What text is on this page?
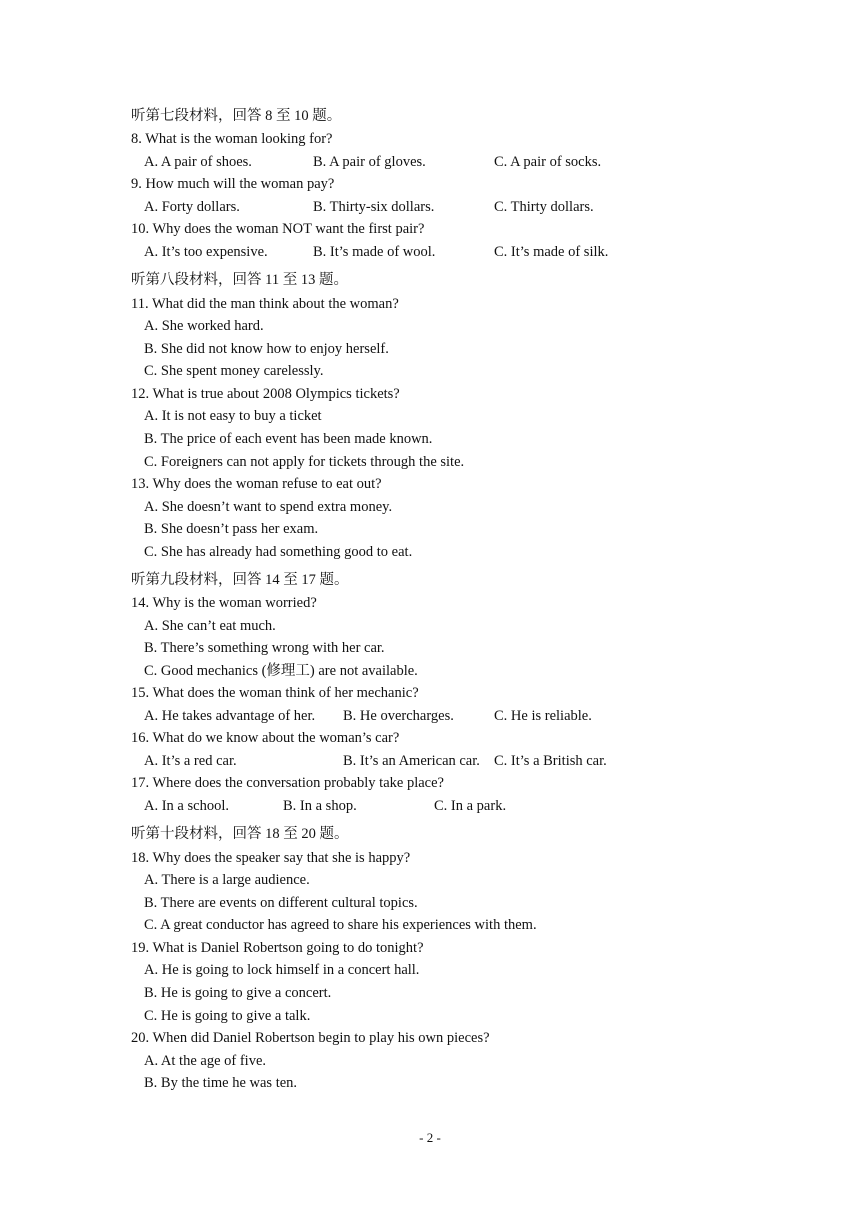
听第七段材料，回答 8 至 10 题。
8. What is the woman looking for?
A. A pair of shoes.	B. A pair of gloves.	C. A pair of socks.
9. How much will the woman pay?
A. Forty dollars.	B. Thirty-six dollars.	C. Thirty dollars.
10. Why does the woman NOT want the first pair?
A. It’s too expensive.	B. It’s made of wool.	C. It’s made of silk.
听第八段材料，回答 11 至 13 题。
11. What did the man think about the woman?
A. She worked hard.
B. She did not know how to enjoy herself.
C. She spent money carelessly.
12. What is true about 2008 Olympics tickets?
A. It is not easy to buy a ticket
B. The price of each event has been made known.
C. Foreigners can not apply for tickets through the site.
13. Why does the woman refuse to eat out?
A. She doesn’t want to spend extra money.
B. She doesn’t pass her exam.
C. She has already had something good to eat.
听第九段材料，回答 14 至 17 题。
14. Why is the woman worried?
A. She can’t eat much.
B. There’s something wrong with her car.
C. Good mechanics (修理工) are not available.
15. What does the woman think of her mechanic?
A. He takes advantage of her. B. He overcharges.	C. He is reliable.
16. What do we know about the woman’s car?
A. It’s a red car.	B. It’s an American car. C. It’s a British car.
17. Where does the conversation probably take place?
A. In a school.	B. In a shop.	C. In a park.
听第十段材料，回答 18 至 20 题。
18. Why does the speaker say that she is happy?
A. There is a large audience.
B. There are events on different cultural topics.
C. A great conductor has agreed to share his experiences with them.
19. What is Daniel Robertson going to do tonight?
A. He is going to lock himself in a concert hall.
B. He is going to give a concert.
C. He is going to give a talk.
20. When did Daniel Robertson begin to play his own pieces?
A. At the age of five.
B. By the time he was ten.
- 2 -
